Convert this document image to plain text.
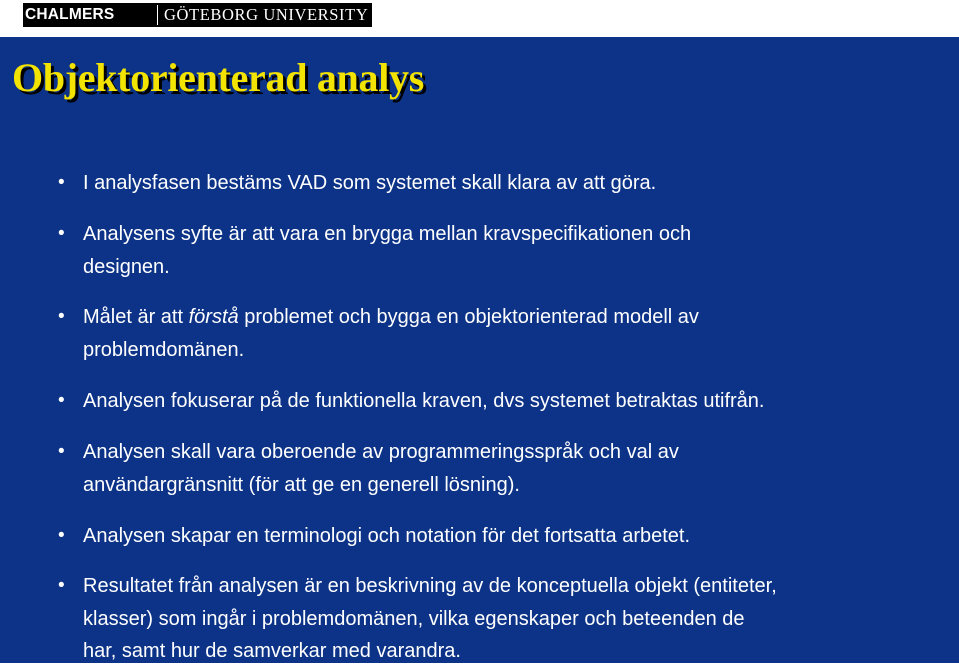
CHALMERS	GÖTEBORG UNIVERSITY
Objektorienterad analys
• I analysfasen bestäms VAD som systemet skall klara av att göra.
• Analysens syfte är att vara en brygga mellan kravspecifikationen och
designen.
• Målet är att förstå problemet och bygga en objektorienterad modell av
problemdomänen.
• Analysen fokuserar på de funktionella kraven, dvs systemet betraktas utifrån.
• Analysen skall vara oberoende av programmeringsspråk och val av
användargränsnitt (för att ge en generell lösning).
• Analysen skapar en terminologi och notation för det fortsatta arbetet.
• Resultatet från analysen är en beskrivning av de konceptuella objekt (entiteter,
klasser) som ingår i problemdomänen, vilka egenskaper och beteenden de
har, samt hur de samverkar med varandra.
